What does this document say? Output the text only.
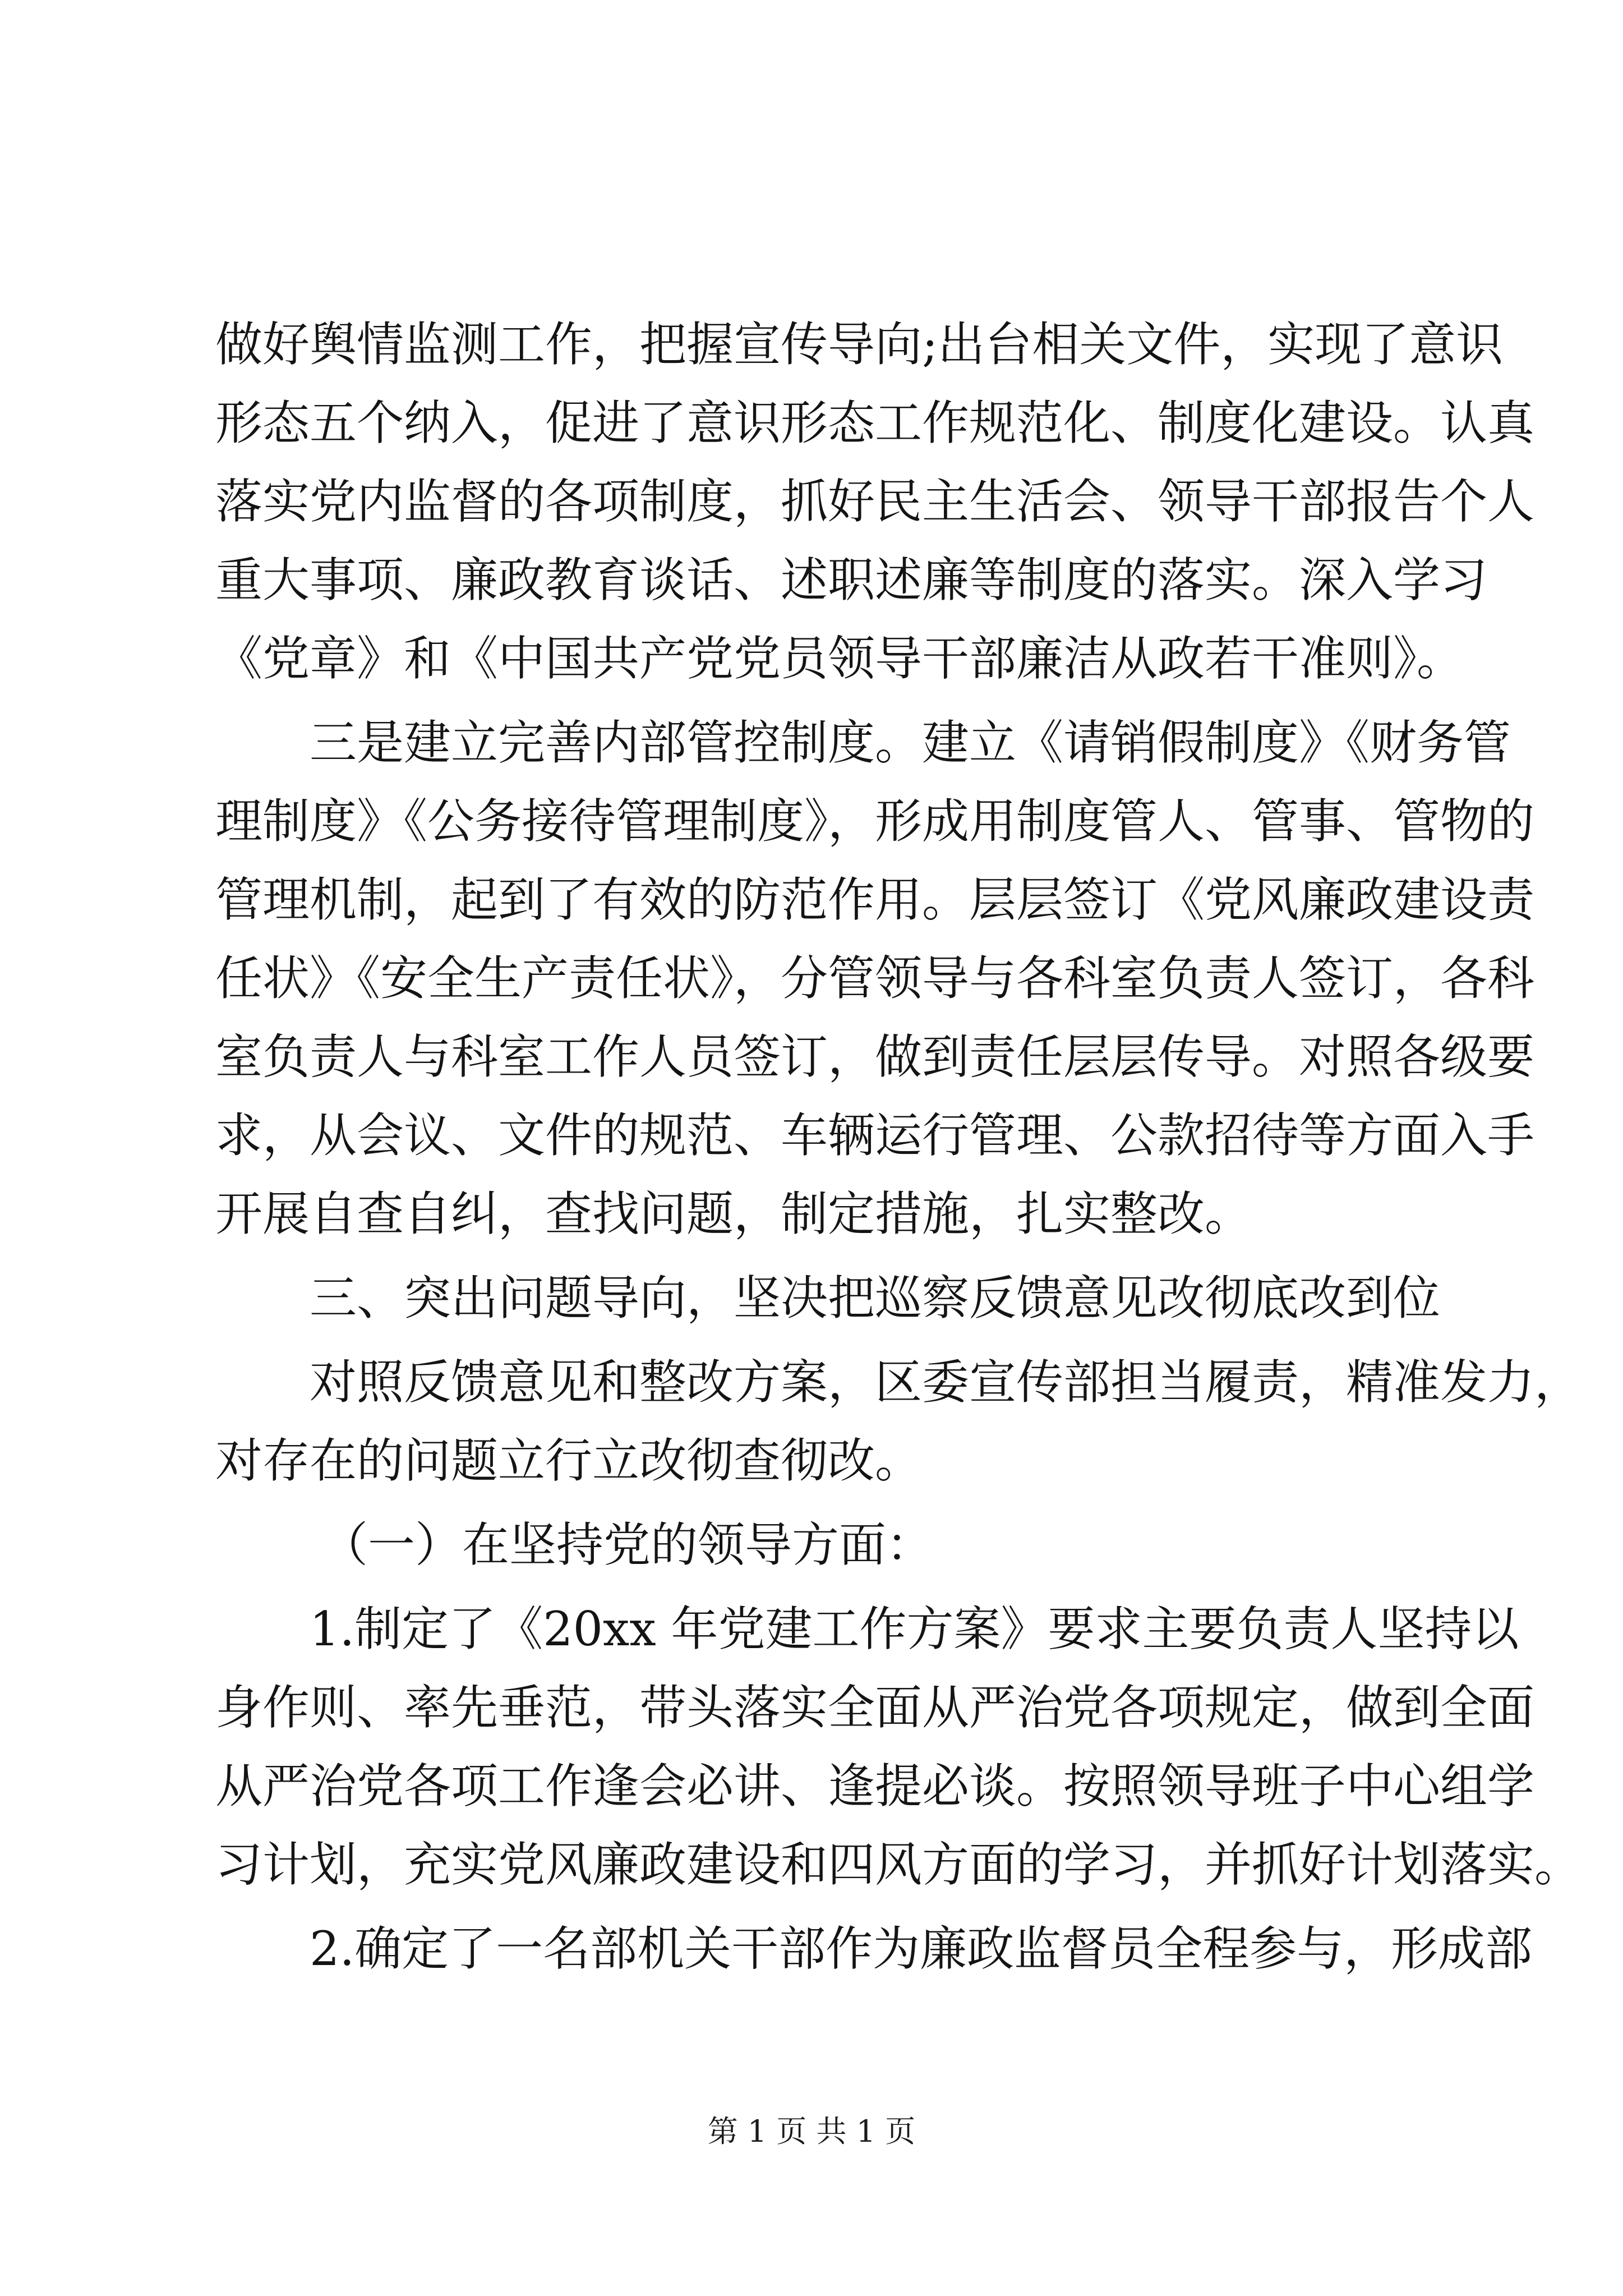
做好舆情监测工作，把握宣传导向;出台相关文件，实现了意识
形态五个纳入，促进了意识形态工作规范化、制度化建设。认真
落实党内监督的各项制度，抓好民主生活会、领导干部报告个人
重大事项、廉政教育谈话、述职述廉等制度的落实。深入学习
《党章》和《中国共产党党员领导干部廉洁从政若干准则》。
三是建立完善内部管控制度。建立《请销假制度》《财务管
理制度》《公务接待管理制度》，形成用制度管人、管事、管物的
管理机制，起到了有效的防范作用。层层签订《党风廉政建设责
任状》《安全生产责任状》，分管领导与各科室负责人签订，各科
室负责人与科室工作人员签订，做到责任层层传导。对照各级要
求，从会议、文件的规范、车辆运行管理、公款招待等方面入手
开展自查自纠，查找问题，制定措施，扎实整改。
三、突出问题导向，坚决把巡察反馈意见改彻底改到位
对照反馈意见和整改方案，区委宣传部担当履责，精准发力，
对存在的问题立行立改彻查彻改。
（一）在坚持党的领导方面：
1.制定了《20xx 年党建工作方案》要求主要负责人坚持以
身作则、率先垂范，带头落实全面从严治党各项规定，做到全面
从严治党各项工作逢会必讲、逢提必谈。按照领导班子中心组学
习计划，充实党风廉政建设和四风方面的学习，并抓好计划落实。
2.确定了一名部机关干部作为廉政监督员全程参与，形成部
第 1 页 共 1 页
